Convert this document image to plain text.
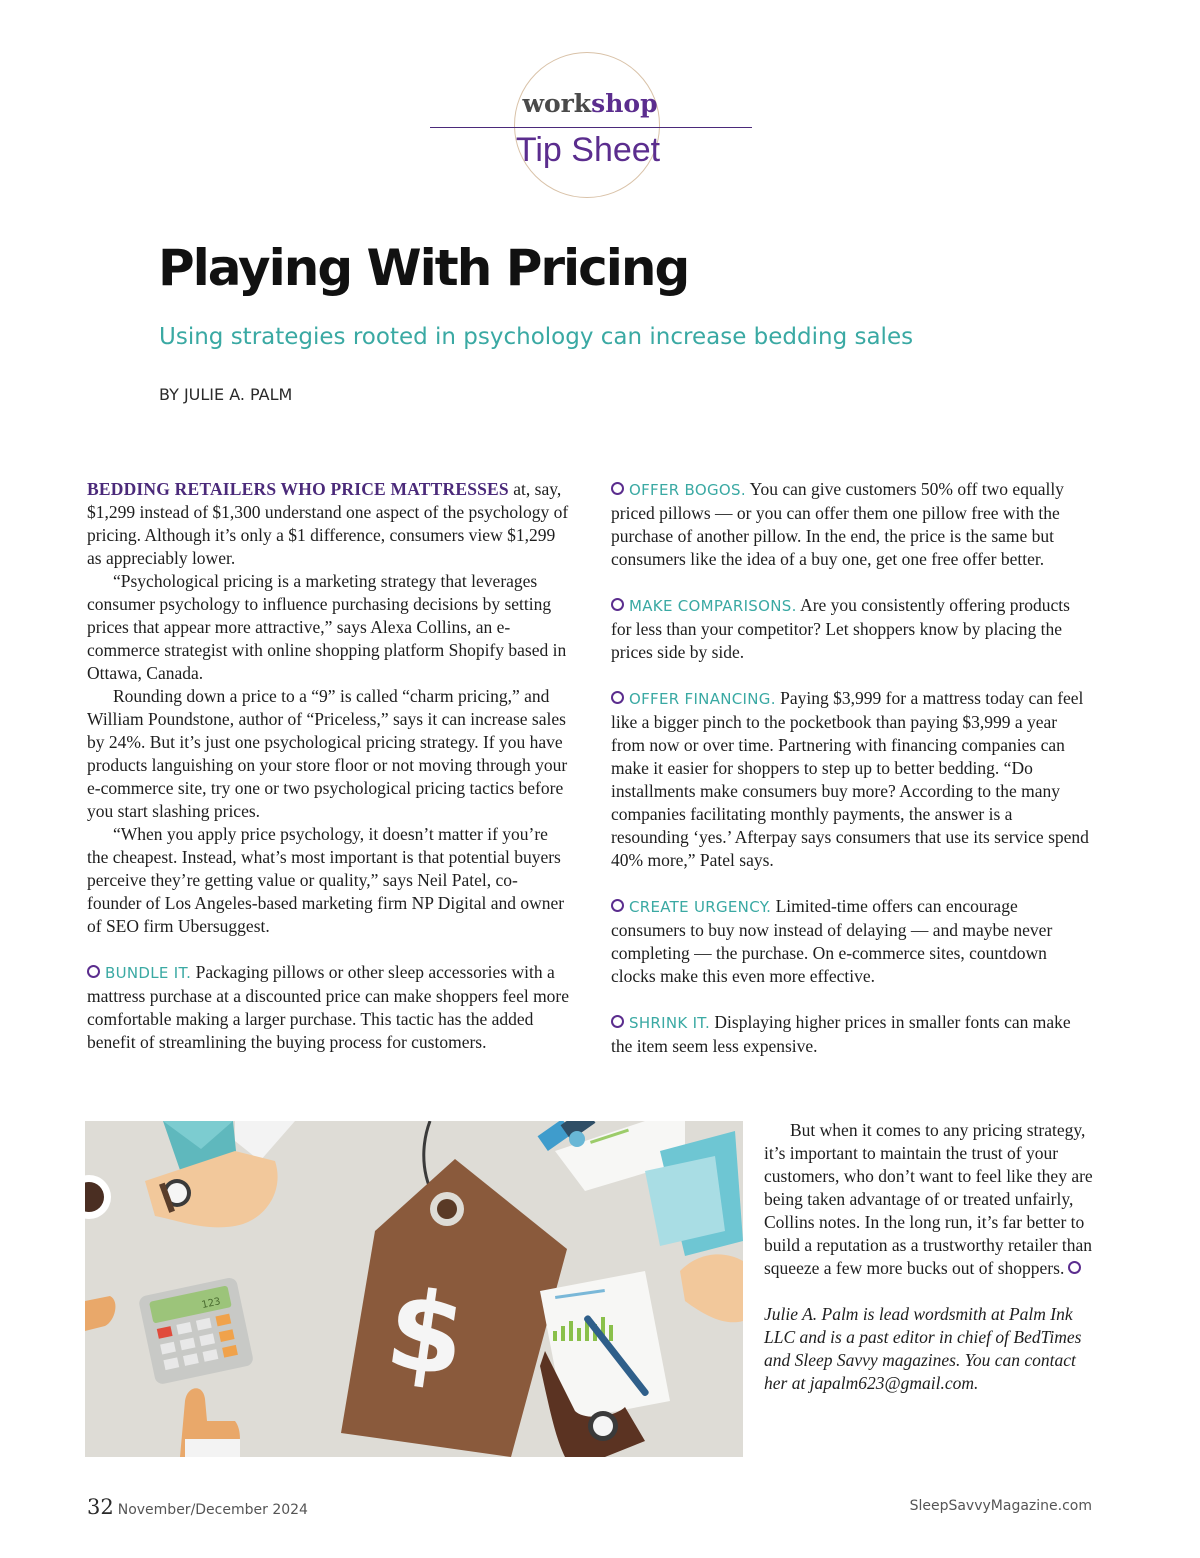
workshop
Tip Sheet
Playing With Pricing
Using strategies rooted in psychology can increase bedding sales
BY JULIE A. PALM

BEDDING RETAILERS WHO PRICE MATTRESSES at, say, $1,299 instead of $1,300 understand one aspect of the psychology of pricing. Although it’s only a $1 difference, consumers view $1,299 as appreciably lower.

“Psychological pricing is a marketing strategy that leverages consumer psychology to influence purchasing decisions by setting prices that appear more attractive,” says Alexa Collins, an e-commerce strategist with online shopping platform Shopify based in Ottawa, Canada.

Rounding down a price to a “9” is called “charm pricing,” and William Poundstone, author of “Priceless,” says it can increase sales by 24%. But it’s just one psychological pricing strategy. If you have products languishing on your store floor or not moving through your e-commerce site, try one or two psychological pricing tactics before you start slashing prices.

“When you apply price psychology, it doesn’t matter if you’re the cheapest. Instead, what’s most important is that potential buyers perceive they’re getting value or quality,” says Neil Patel, co-founder of Los Angeles-based marketing firm NP Digital and owner of SEO firm Ubersuggest.

BUNDLE IT. Packaging pillows or other sleep accessories with a mattress purchase at a discounted price can make shoppers feel more comfortable making a larger purchase. This tactic has the added benefit of streamlining the buying process for customers.

OFFER BOGOS. You can give customers 50% off two equally priced pillows — or you can offer them one pillow free with the purchase of another pillow. In the end, the price is the same but consumers like the idea of a buy one, get one free offer better.

MAKE COMPARISONS. Are you consistently offering products for less than your competitor? Let shoppers know by placing the prices side by side.

OFFER FINANCING. Paying $3,999 for a mattress today can feel like a bigger pinch to the pocketbook than paying $3,999 a year from now or over time. Partnering with financing companies can make it easier for shoppers to step up to better bedding. “Do installments make consumers buy more? According to the many companies facilitating monthly payments, the answer is a resounding ‘yes.’ Afterpay says consumers that use its service spend 40% more,” Patel says.

CREATE URGENCY. Limited-time offers can encourage consumers to buy now instead of delaying — and maybe never completing — the purchase. On e-commerce sites, countdown clocks make this even more effective.

SHRINK IT. Displaying higher prices in smaller fonts can make the item seem less expensive.

But when it comes to any pricing strategy, it’s important to maintain the trust of your customers, who don’t want to feel like they are being taken advantage of or treated unfairly, Collins notes. In the long run, it’s far better to build a reputation as a trustworthy retailer than squeeze a few more bucks out of shoppers.

Julie A. Palm is lead wordsmith at Palm Ink LLC and is a past editor in chief of BedTimes and Sleep Savvy magazines. You can contact her at japalm623@gmail.com.

123 $
32 November/December 2024	SleepSavvyMagazine.com
